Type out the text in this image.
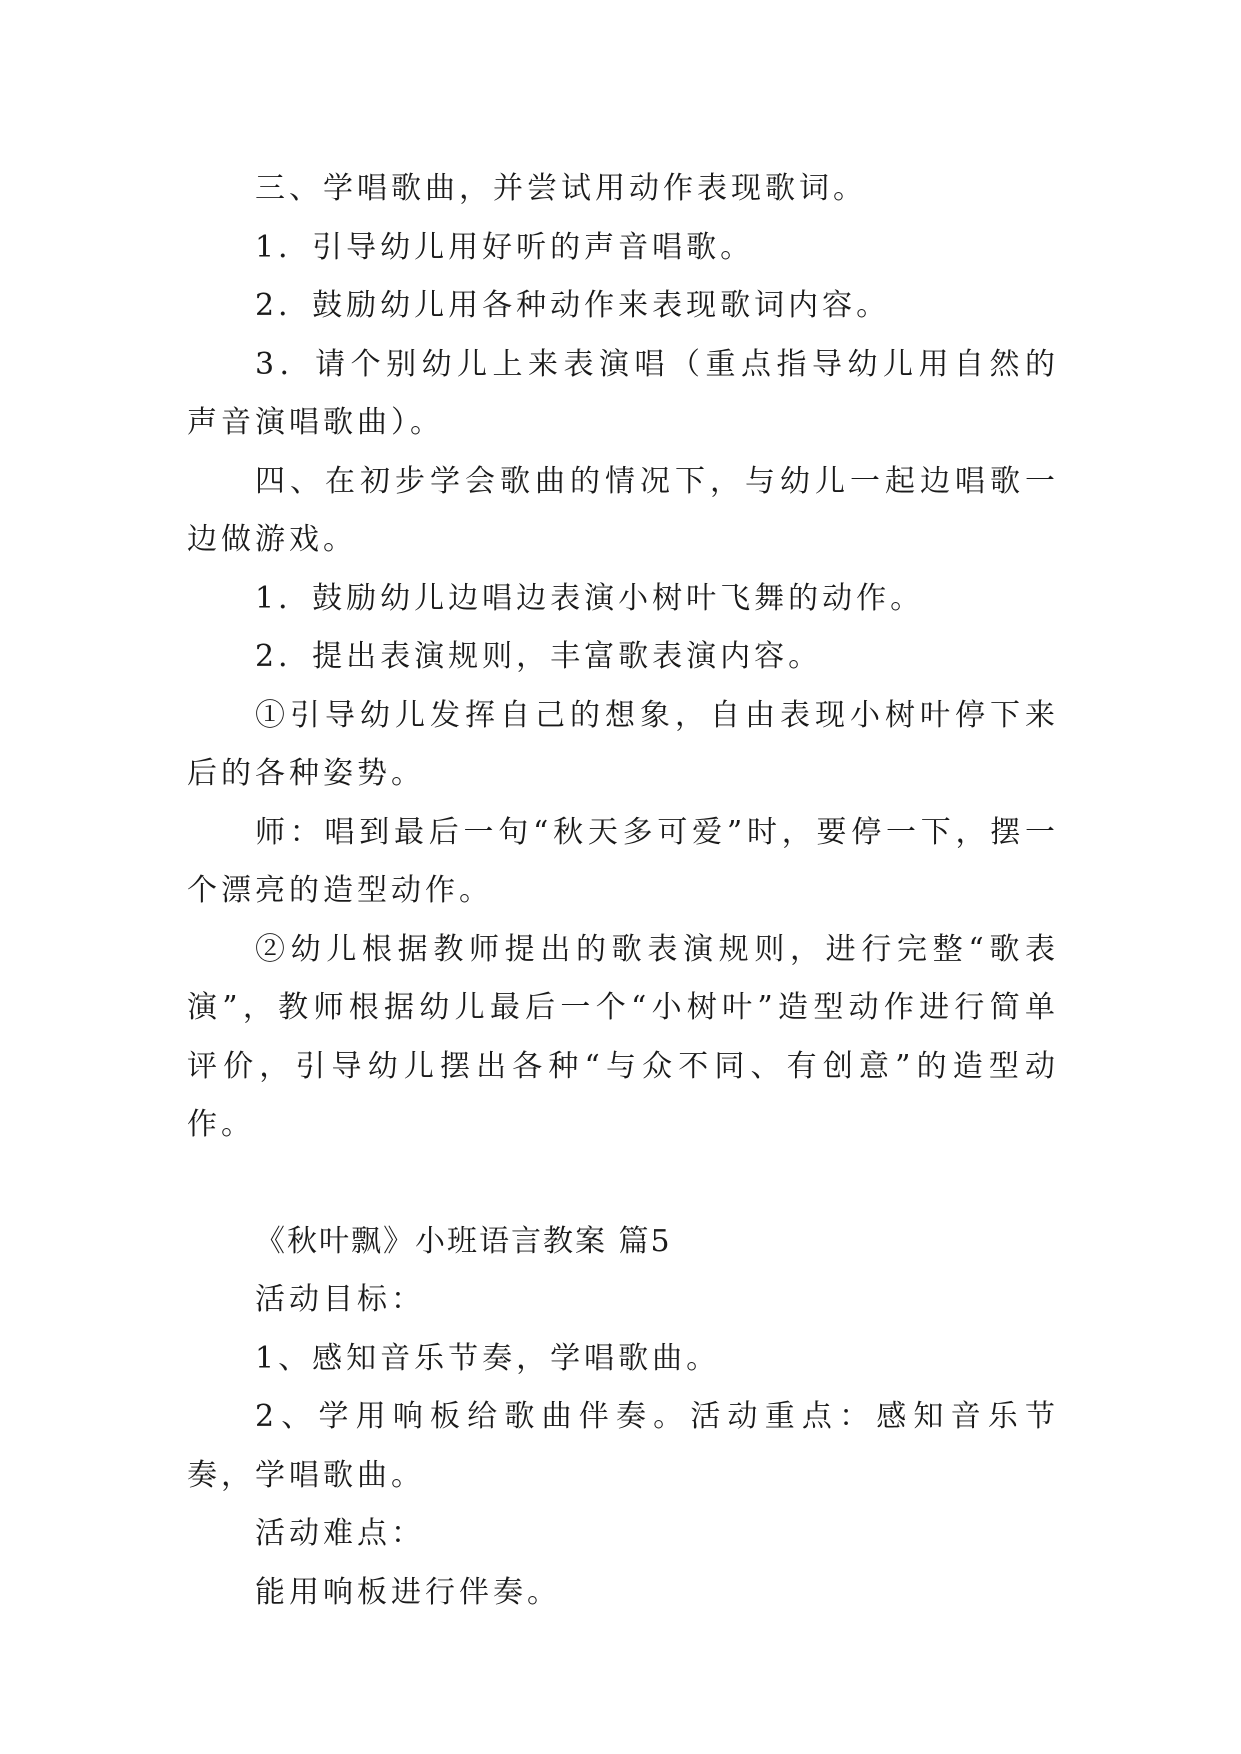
三、学唱歌曲，并尝试用动作表现歌词。

1．引导幼儿用好听的声音唱歌。

2．鼓励幼儿用各种动作来表现歌词内容。

3．请个别幼儿上来表演唱（重点指导幼儿用自然的声音演唱歌曲）。

四、在初步学会歌曲的情况下，与幼儿一起边唱歌一边做游戏。

1．鼓励幼儿边唱边表演小树叶飞舞的动作。

2．提出表演规则，丰富歌表演内容。

①引导幼儿发挥自己的想象，自由表现小树叶停下来后的各种姿势。

师：唱到最后一句“秋天多可爱”时，要停一下，摆一个漂亮的造型动作。

②幼儿根据教师提出的歌表演规则，进行完整“歌表演”，教师根据幼儿最后一个“小树叶”造型动作进行简单评价，引导幼儿摆出各种“与众不同、有创意”的造型动作。

《秋叶飘》小班语言教案 篇5

活动目标：

1、感知音乐节奏，学唱歌曲。

2、学用响板给歌曲伴奏。活动重点：感知音乐节奏，学唱歌曲。

活动难点：

能用响板进行伴奏。
